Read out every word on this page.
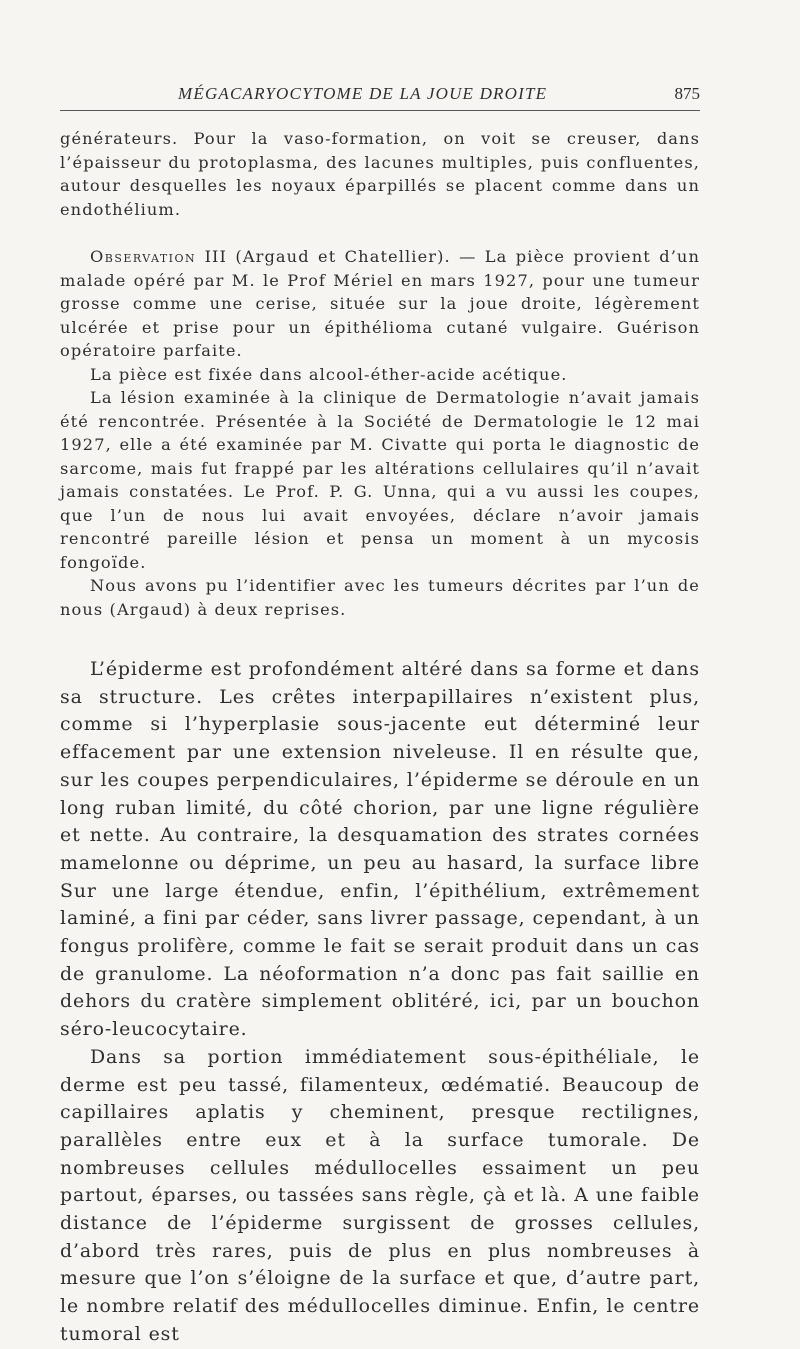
MÉGACARYOCYTOME DE LA JOUE DROITE	875

générateurs. Pour la vaso-formation, on voit se creuser, dans l’épaisseur du protoplasma, des lacunes multiples, puis confluentes, autour desquelles les noyaux éparpillés se placent comme dans un endothélium.

Observation III (Argaud et Chatellier). — La pièce provient d’un malade opéré par M. le Prof Mériel en mars 1927, pour une tumeur grosse comme une cerise, située sur la joue droite, légèrement ulcérée et prise pour un épithélioma cutané vulgaire. Guérison opératoire parfaite.

La pièce est fixée dans alcool-éther-acide acétique.

La lésion examinée à la clinique de Dermatologie n’avait jamais été rencontrée. Présentée à la Société de Dermatologie le 12 mai 1927, elle a été examinée par M. Civatte qui porta le diagnostic de sarcome, mais fut frappé par les altérations cellulaires qu’il n’avait jamais constatées. Le Prof. P. G. Unna, qui a vu aussi les coupes, que l’un de nous lui avait envoyées, déclare n’avoir jamais rencontré pareille lésion et pensa un moment à un mycosis fongoïde.

Nous avons pu l’identifier avec les tumeurs décrites par l’un de nous (Argaud) à deux reprises.

L’épiderme est profondément altéré dans sa forme et dans sa structure. Les crêtes interpapillaires n’existent plus, comme si l’hyperplasie sous-jacente eut déterminé leur effacement par une extension niveleuse. Il en résulte que, sur les coupes perpendiculaires, l’épiderme se déroule en un long ruban limité, du côté chorion, par une ligne régulière et nette. Au contraire, la desquamation des strates cornées mamelonne ou déprime, un peu au hasard, la surface libre Sur une large étendue, enfin, l’épithélium, extrêmement laminé, a fini par céder, sans livrer passage, cependant, à un fongus prolifère, comme le fait se serait produit dans un cas de granulome. La néoformation n’a donc pas fait saillie en dehors du cratère simplement oblitéré, ici, par un bouchon séro-leucocytaire.

Dans sa portion immédiatement sous-épithéliale, le derme est peu tassé, filamenteux, œdématié. Beaucoup de capillaires aplatis y cheminent, presque rectilignes, parallèles entre eux et à la surface tumorale. De nombreuses cellules médullocelles essaiment un peu partout, éparses, ou tassées sans règle, çà et là. A une faible distance de l’épiderme surgissent de grosses cellules, d’abord très rares, puis de plus en plus nombreuses à mesure que l’on s’éloigne de la surface et que, d’autre part, le nombre relatif des médullocelles diminue. Enfin, le centre tumoral est
